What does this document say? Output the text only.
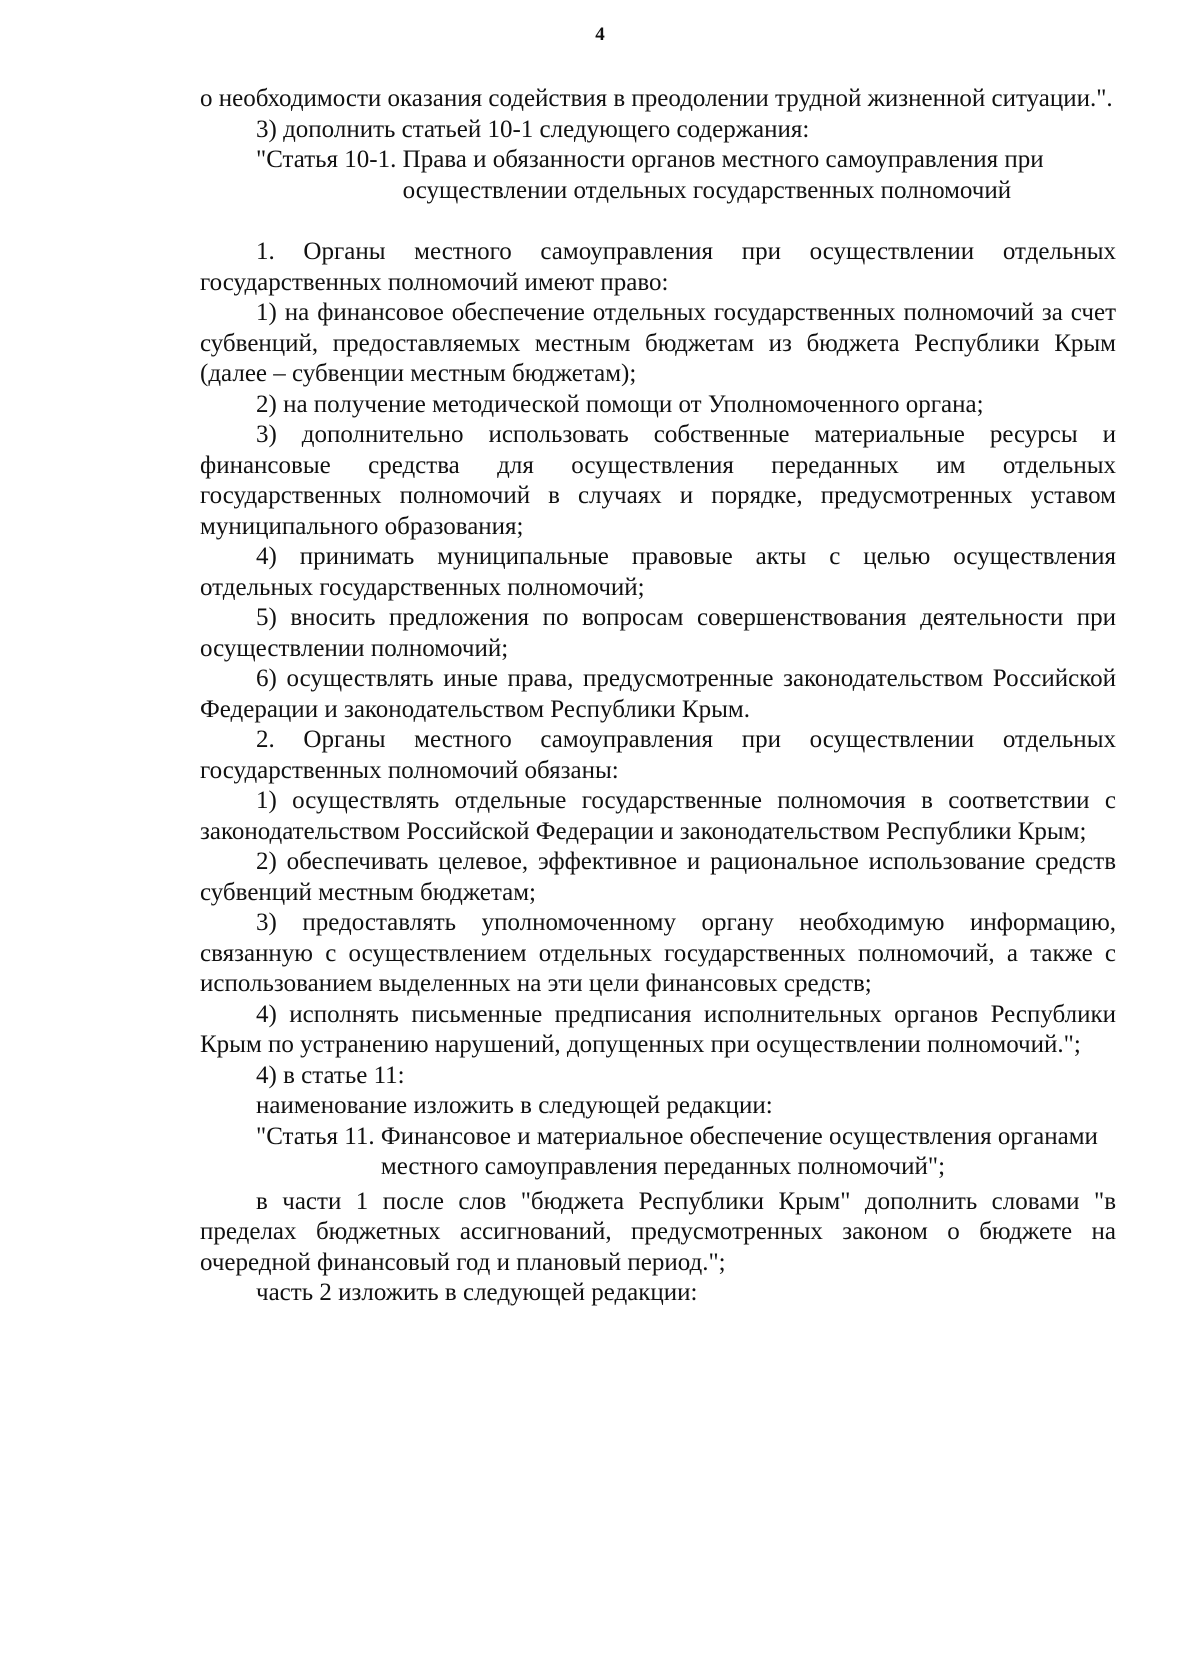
4

о необходимости оказания содействия в преодолении трудной жизненной ситуации.".

3) дополнить статьей 10-1 следующего содержания:

"Статья 10-1. Права и обязанности органов местного самоуправления при осуществлении отдельных государственных полномочий

1. Органы местного самоуправления при осуществлении отдельных государственных полномочий имеют право:

1) на финансовое обеспечение отдельных государственных полномочий за счет субвенций, предоставляемых местным бюджетам из бюджета Республики Крым (далее – субвенции местным бюджетам);

2) на получение методической помощи от Уполномоченного органа;

3) дополнительно использовать собственные материальные ресурсы и финансовые средства для осуществления переданных им отдельных государственных полномочий в случаях и порядке, предусмотренных уставом муниципального образования;

4) принимать муниципальные правовые акты с целью осуществления отдельных государственных полномочий;

5) вносить предложения по вопросам совершенствования деятельности при осуществлении полномочий;

6) осуществлять иные права, предусмотренные законодательством Российской Федерации и законодательством Республики Крым.

2. Органы местного самоуправления при осуществлении отдельных государственных полномочий обязаны:

1) осуществлять отдельные государственные полномочия в соответствии с законодательством Российской Федерации и законодательством Республики Крым;

2) обеспечивать целевое, эффективное и рациональное использование средств субвенций местным бюджетам;

3) предоставлять уполномоченному органу необходимую информацию, связанную с осуществлением отдельных государственных полномочий, а также с использованием выделенных на эти цели финансовых средств;

4) исполнять письменные предписания исполнительных органов Республики Крым по устранению нарушений, допущенных при осуществлении полномочий.";

4) в статье 11:

наименование изложить в следующей редакции:

"Статья 11. Финансовое и материальное обеспечение осуществления органами местного самоуправления переданных полномочий";

в части 1 после слов "бюджета Республики Крым" дополнить словами "в пределах бюджетных ассигнований, предусмотренных законом о бюджете на очередной финансовый год и плановый период.";

часть 2 изложить в следующей редакции:
